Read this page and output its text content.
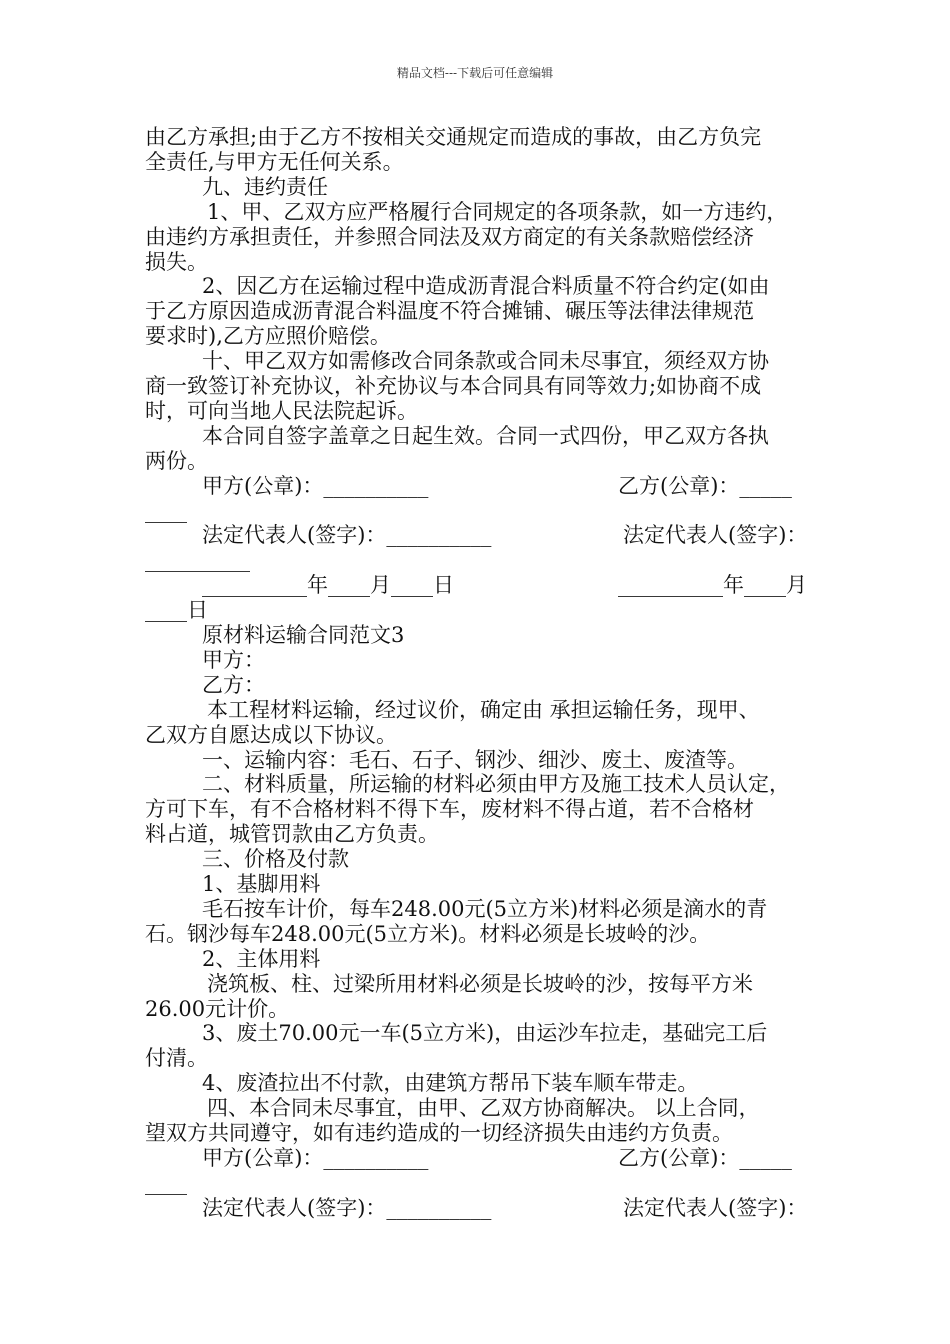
精品文档---下载后可任意编辑
由乙方承担;由于乙方不按相关交通规定而造成的事故，由乙方负完
全责任,与甲方无任何关系。
九、违约责任
1、甲、乙双方应严格履行合同规定的各项条款，如一方违约，
由违约方承担责任，并参照合同法及双方商定的有关条款赔偿经济
损失。
2、因乙方在运输过程中造成沥青混合料质量不符合约定(如由
于乙方原因造成沥青混合料温度不符合摊铺、碾压等法律法律规范
要求时),乙方应照价赔偿。
十、甲乙双方如需修改合同条款或合同未尽事宜，须经双方协
商一致签订补充协议，补充协议与本合同具有同等效力;如协商不成
时，可向当地人民法院起诉。
本合同自签字盖章之日起生效。合同一式四份，甲乙双方各执
两份。
甲方(公章)：__________	乙方(公章)：_____
____
法定代表人(签字)：__________	法定代表人(签字)：
__________
__________年____月____日	__________年____月
____日
原材料运输合同范文3
甲方：
乙方：
本工程材料运输，经过议价，确定由 承担运输任务，现甲、
乙双方自愿达成以下协议。
一、运输内容：毛石、石子、钢沙、细沙、废土、废渣等。
二、材料质量，所运输的材料必须由甲方及施工技术人员认定，
方可下车，有不合格材料不得下车，废材料不得占道，若不合格材
料占道，城管罚款由乙方负责。
三、价格及付款
1、基脚用料
毛石按车计价，每车248.00元(5立方米)材料必须是滴水的青
石。钢沙每车248.00元(5立方米)。材料必须是长坡岭的沙。
2、主体用料
浇筑板、柱、过梁所用材料必须是长坡岭的沙，按每平方米
26.00元计价。
3、废土70.00元一车(5立方米)，由运沙车拉走，基础完工后
付清。
4、废渣拉出不付款，由建筑方帮吊下装车顺车带走。
四、本合同未尽事宜，由甲、乙双方协商解决。 以上合同，
望双方共同遵守，如有违约造成的一切经济损失由违约方负责。
甲方(公章)：__________	乙方(公章)：_____
____
法定代表人(签字)：__________	法定代表人(签字)：
